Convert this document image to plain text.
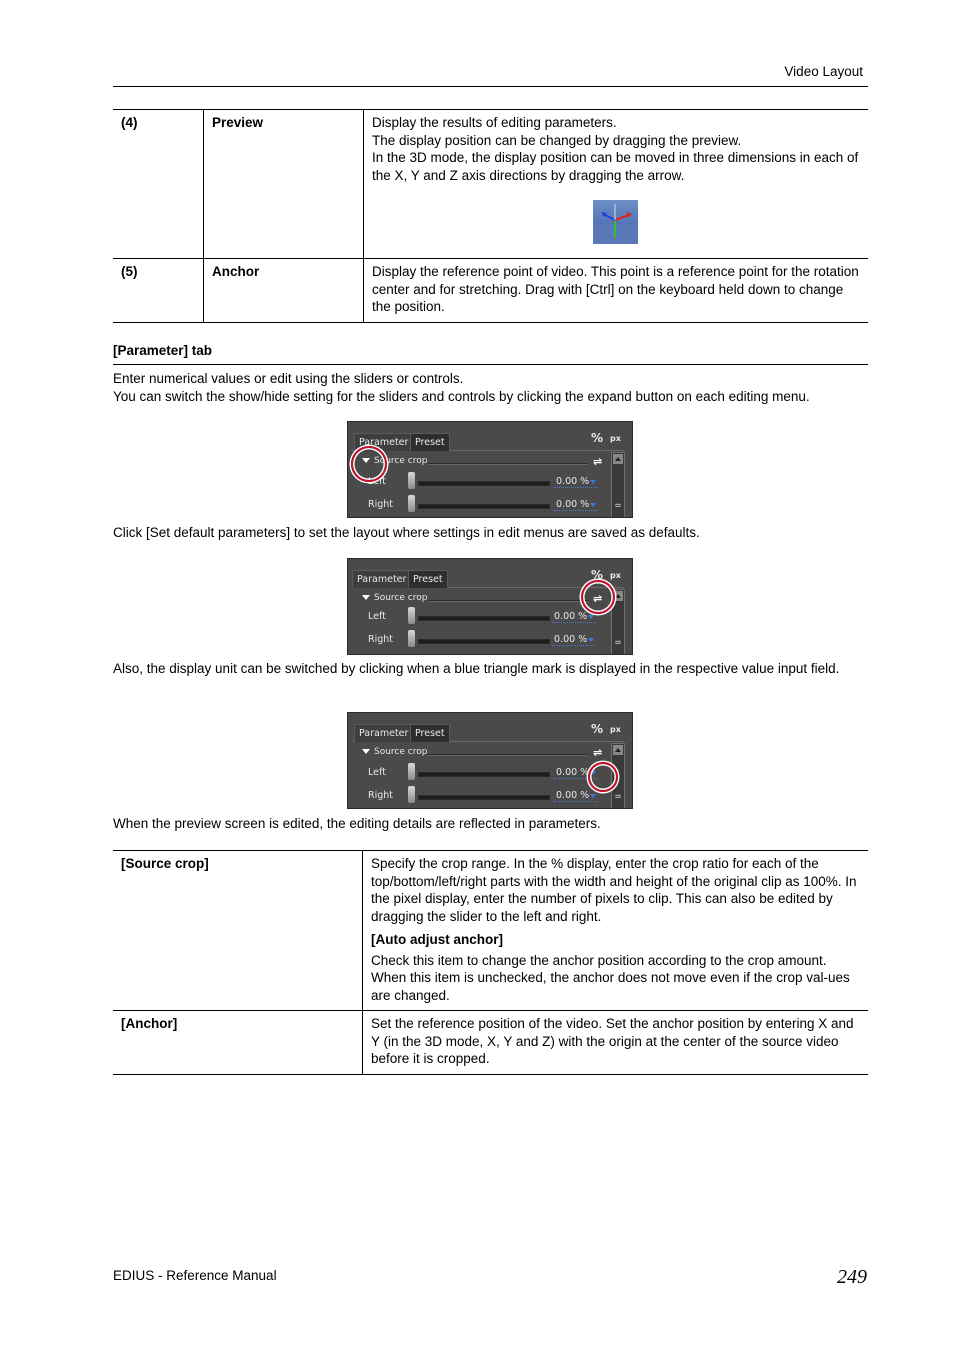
Video Layout
(4)	Preview	Display the results of editing parameters.
The display position can be changed by dragging the preview.
In the 3D mode, the display position can be moved in three dimensions in each of the X, Y and Z axis directions by dragging the arrow.

(5)	Anchor	Display the reference point of video. This point is a reference point for the rotation center and for stretching. Drag with [Ctrl] on the keyboard held down to change the position.
[Parameter] tab
Enter numerical values or edit using the sliders or controls.
You can switch the show/hide setting for the sliders and controls by clicking the expand button on each editing menu.
Parameter Preset	% px
Source crop	⇌
=
Left	0.00 %
Right	0.00 %
Click [Set default parameters] to set the layout where settings in edit menus are saved as defaults.
Parameter Preset	% px
Source crop	⇌
=
Left	0.00 %
Right	0.00 %
Also, the display unit can be switched by clicking when a blue triangle mark is displayed in the respective value input field.
Parameter Preset	% px
Source crop	⇌
=
Left	0.00 %
Right	0.00 %
When the preview screen is edited, the editing details are reflected in parameters.
[Source crop]	Specify the crop range. In the % display, enter the crop ratio for each of the top/bottom/left/right parts with the width and height of the original clip as 100%. In the pixel display, enter the number of pixels to clip. This can also be edited by dragging the slider to the left and right.
[Auto adjust anchor]
Check this item to change the anchor position according to the crop amount. When this item is unchecked, the anchor does not move even if the crop val-ues are changed.

[Anchor]	Set the reference position of the video. Set the anchor position by entering X and Y (in the 3D mode, X, Y and Z) with the origin at the center of the source video before it is cropped.
EDIUS - Reference Manual	249
